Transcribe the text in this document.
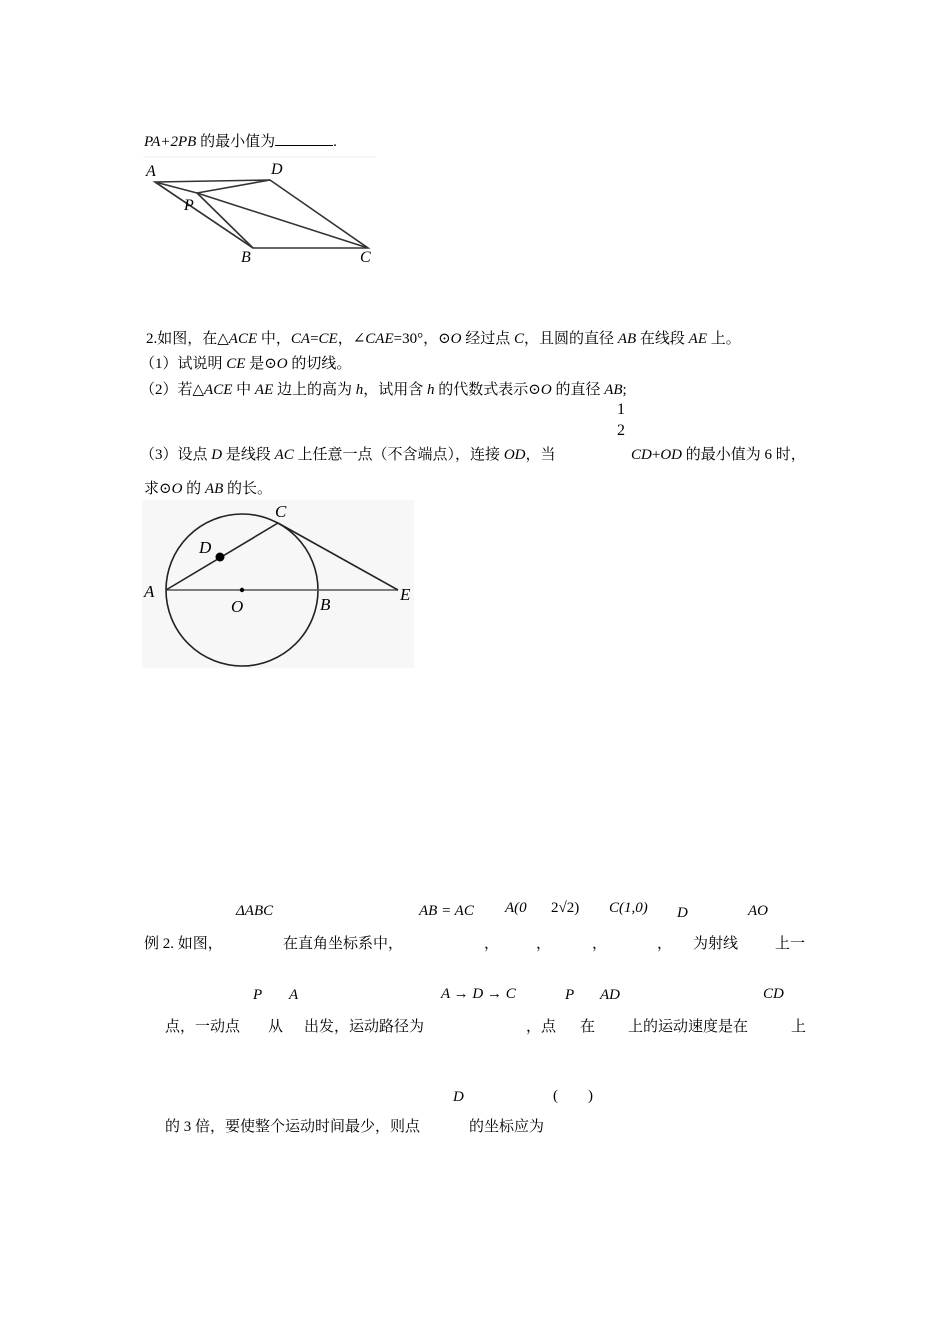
PA+2PB 的最小值为	.
A	D
P
B	C
2.如图，在△ACE 中，CA=CE，∠CAE=30°，⊙O 经过点 C，且圆的直径 AB 在线段 AE 上。
（1）试说明 CE 是⊙O 的切线。
（2）若△ACE 中 AE 边上的高为 h，试用含 h 的代数式表示⊙O 的直径 AB;
1
2
（3）设点 D 是线段 AC 上任意一点（不含端点），连接 OD，当	CD+OD 的最小值为 6 时，
求⊙O 的 AB 的长。
A
C
D
O	B
E
ΔABC	AB = AC A(0 2√2) C(1,0) D	AO
例 2. 如图，	在直角坐标系中，	， ，	，	， 为射线 上一
P A	A → D → C	P AD	CD
点，一动点 从 出发，运动路径为	，点 在 上的运动速度是在	上
D	(　　)
的 3 倍，要使整个运动时间最少，则点	的坐标应为
